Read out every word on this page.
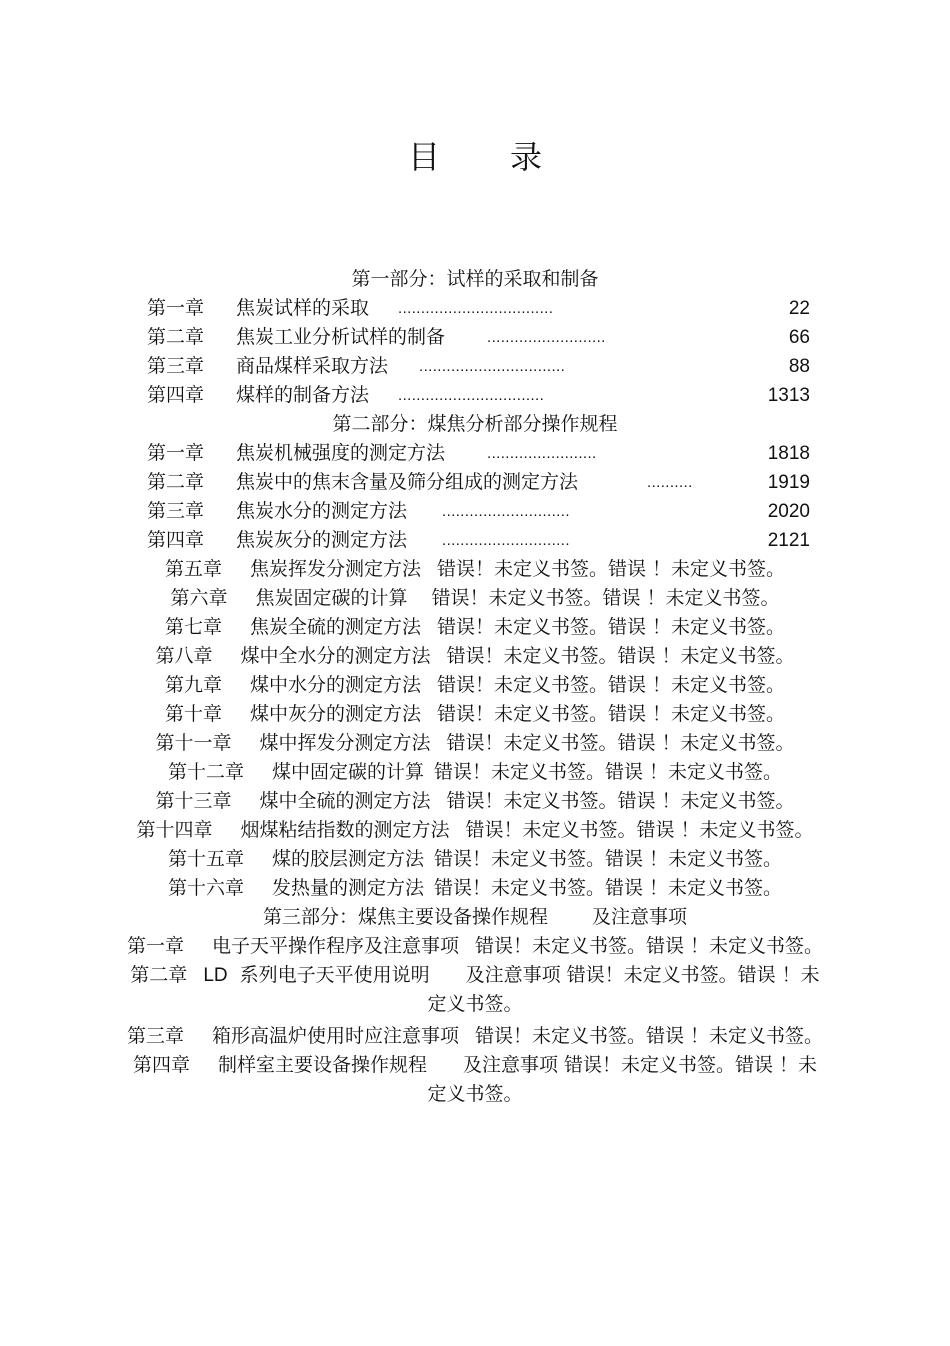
目 录
第一部分：试样的采取和制备
第一章 焦炭试样的采取 ..................................	22
第二章 焦炭工业分析试样的制备	..........................	66
第三章 商品煤样采取方法 ................................	88
第四章 煤样的制备方法 ................................	1313
第二部分：煤焦分析部分操作规程
第一章 焦炭机械强度的测定方法	........................	1818
第二章 焦炭中的焦末含量及筛分组成的测定方法	..........	1919
第三章 焦炭水分的测定方法 ............................	2020
第四章 焦炭灰分的测定方法 ............................	2121
第五章 焦炭挥发分测定方法 错误！未定义书签。错误 ！未定义书签。
第六章 焦炭固定碳的计算 错误！未定义书签。错误 ！未定义书签。
第七章 焦炭全硫的测定方法 错误！未定义书签。错误 ！未定义书签。
第八章 煤中全水分的测定方法 错误！未定义书签。错误 ！未定义书签。
第九章 煤中水分的测定方法 错误！未定义书签。错误 ！未定义书签。
第十章 煤中灰分的测定方法 错误！未定义书签。错误 ！未定义书签。
第十一章 煤中挥发分测定方法 错误！未定义书签。错误 ！未定义书签。
第十二章 煤中固定碳的计算 错误！未定义书签。错误 ！未定义书签。
第十三章 煤中全硫的测定方法 错误！未定义书签。错误 ！未定义书签。
第十四章 烟煤粘结指数的测定方法 错误！未定义书签。错误 ！未定义书签。
第十五章 煤的胶层测定方法 错误！未定义书签。错误 ！未定义书签。
第十六章 发热量的测定方法 错误！未定义书签。错误 ！未定义书签。
第三部分：煤焦主要设备操作规程 及注意事项
第一章 电子天平操作程序及注意事项 错误！未定义书签。错误 ！未定义书签。
第二章 LD 系列电子天平使用说明 及注意事项 错误！未定义书签。错误 ！未
定义书签。
第三章 箱形高温炉使用时应注意事项 错误！未定义书签。错误 ！未定义书签。
第四章 制样室主要设备操作规程 及注意事项 错误！未定义书签。错误 ！未
定义书签。
